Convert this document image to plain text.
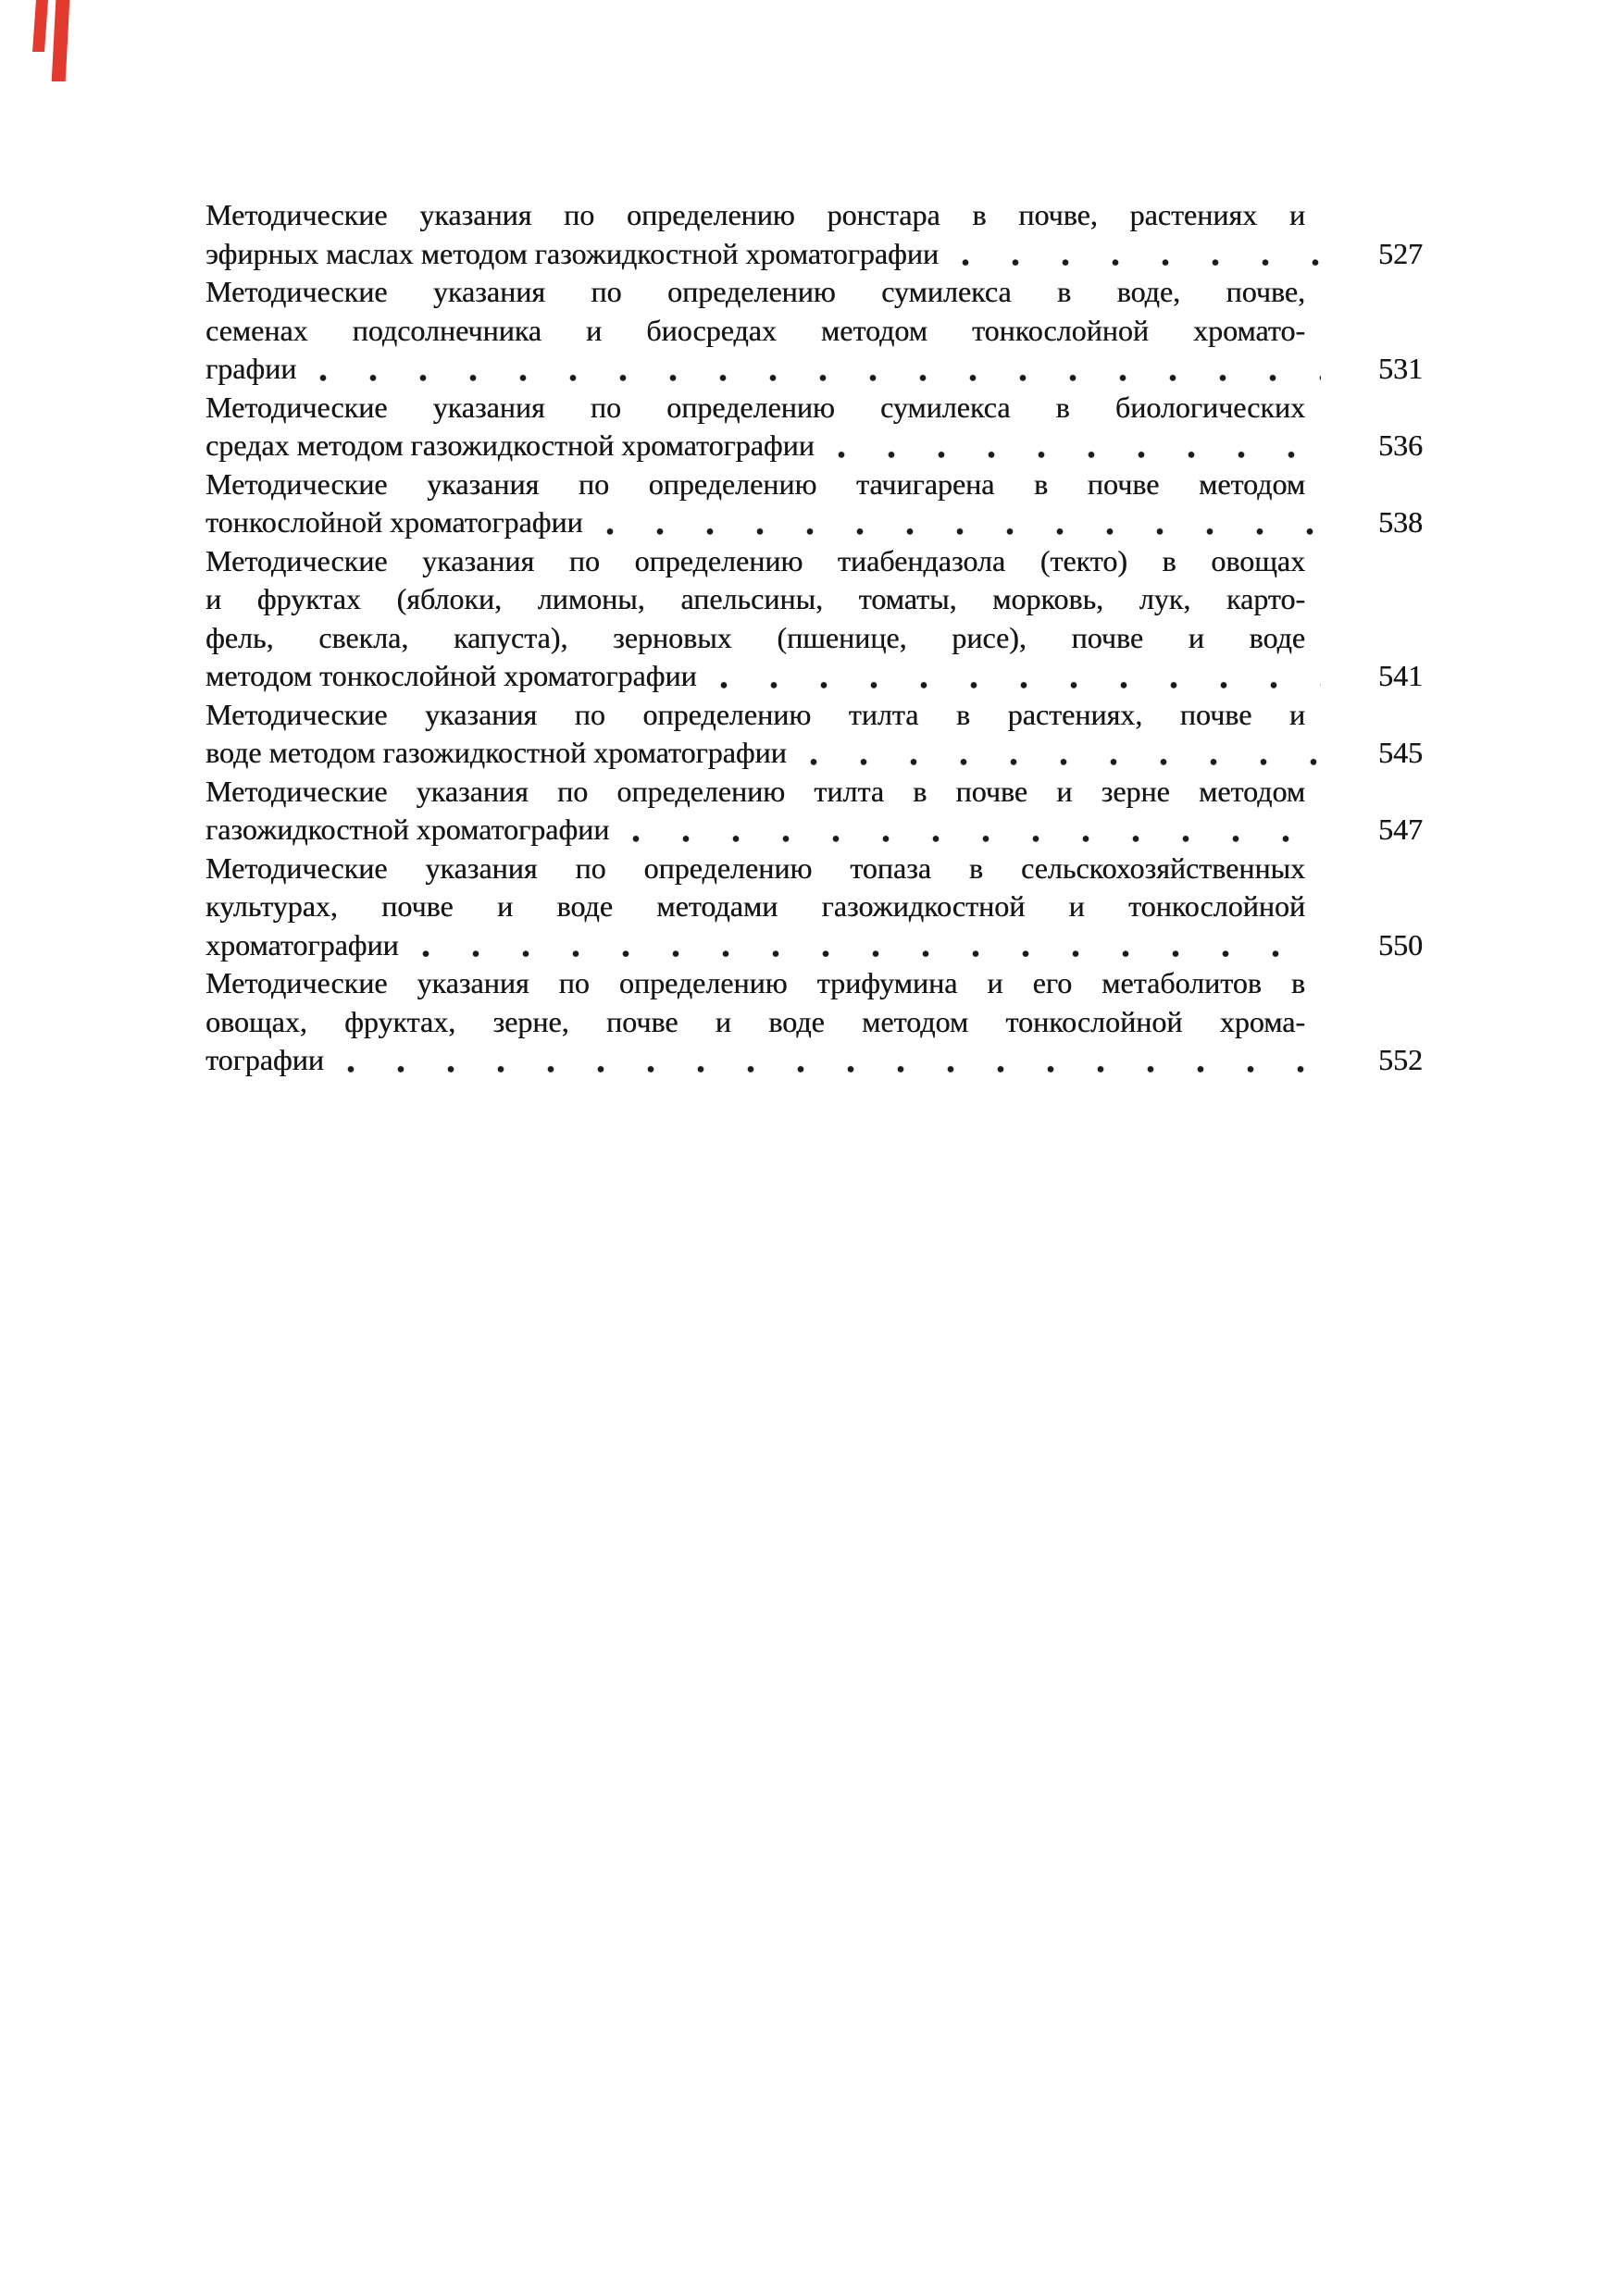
Методические указания по определению ронстара в почве, растениях и
эфирных маслах методом газожидкостной хроматографии	527
Методические указания по определению сумилекса в воде, почве,
семенах подсолнечника и биосредах методом тонкослойной хромато-
графии	531
Методические указания по определению сумилекса в биологических
средах методом газожидкостной хроматографии	536
Методические указания по определению тачигарена в почве методом
тонкослойной хроматографии	538
Методические указания по определению тиабендазола (текто) в овощах
и фруктах (яблоки, лимоны, апельсины, томаты, морковь, лук, карто-
фель, свекла, капуста), зерновых (пшенице, рисе), почве и воде
методом тонкослойной хроматографии	541
Методические указания по определению тилта в растениях, почве и
воде методом газожидкостной хроматографии	545
Методические указания по определению тилта в почве и зерне методом
газожидкостной хроматографии	547
Методические указания по определению топаза в сельскохозяйственных
культурах, почве и воде методами газожидкостной и тонкослойной
хроматографии	550
Методические указания по определению трифумина и его метаболитов в
овощах, фруктах, зерне, почве и воде методом тонкослойной хрома-
тографии	552
